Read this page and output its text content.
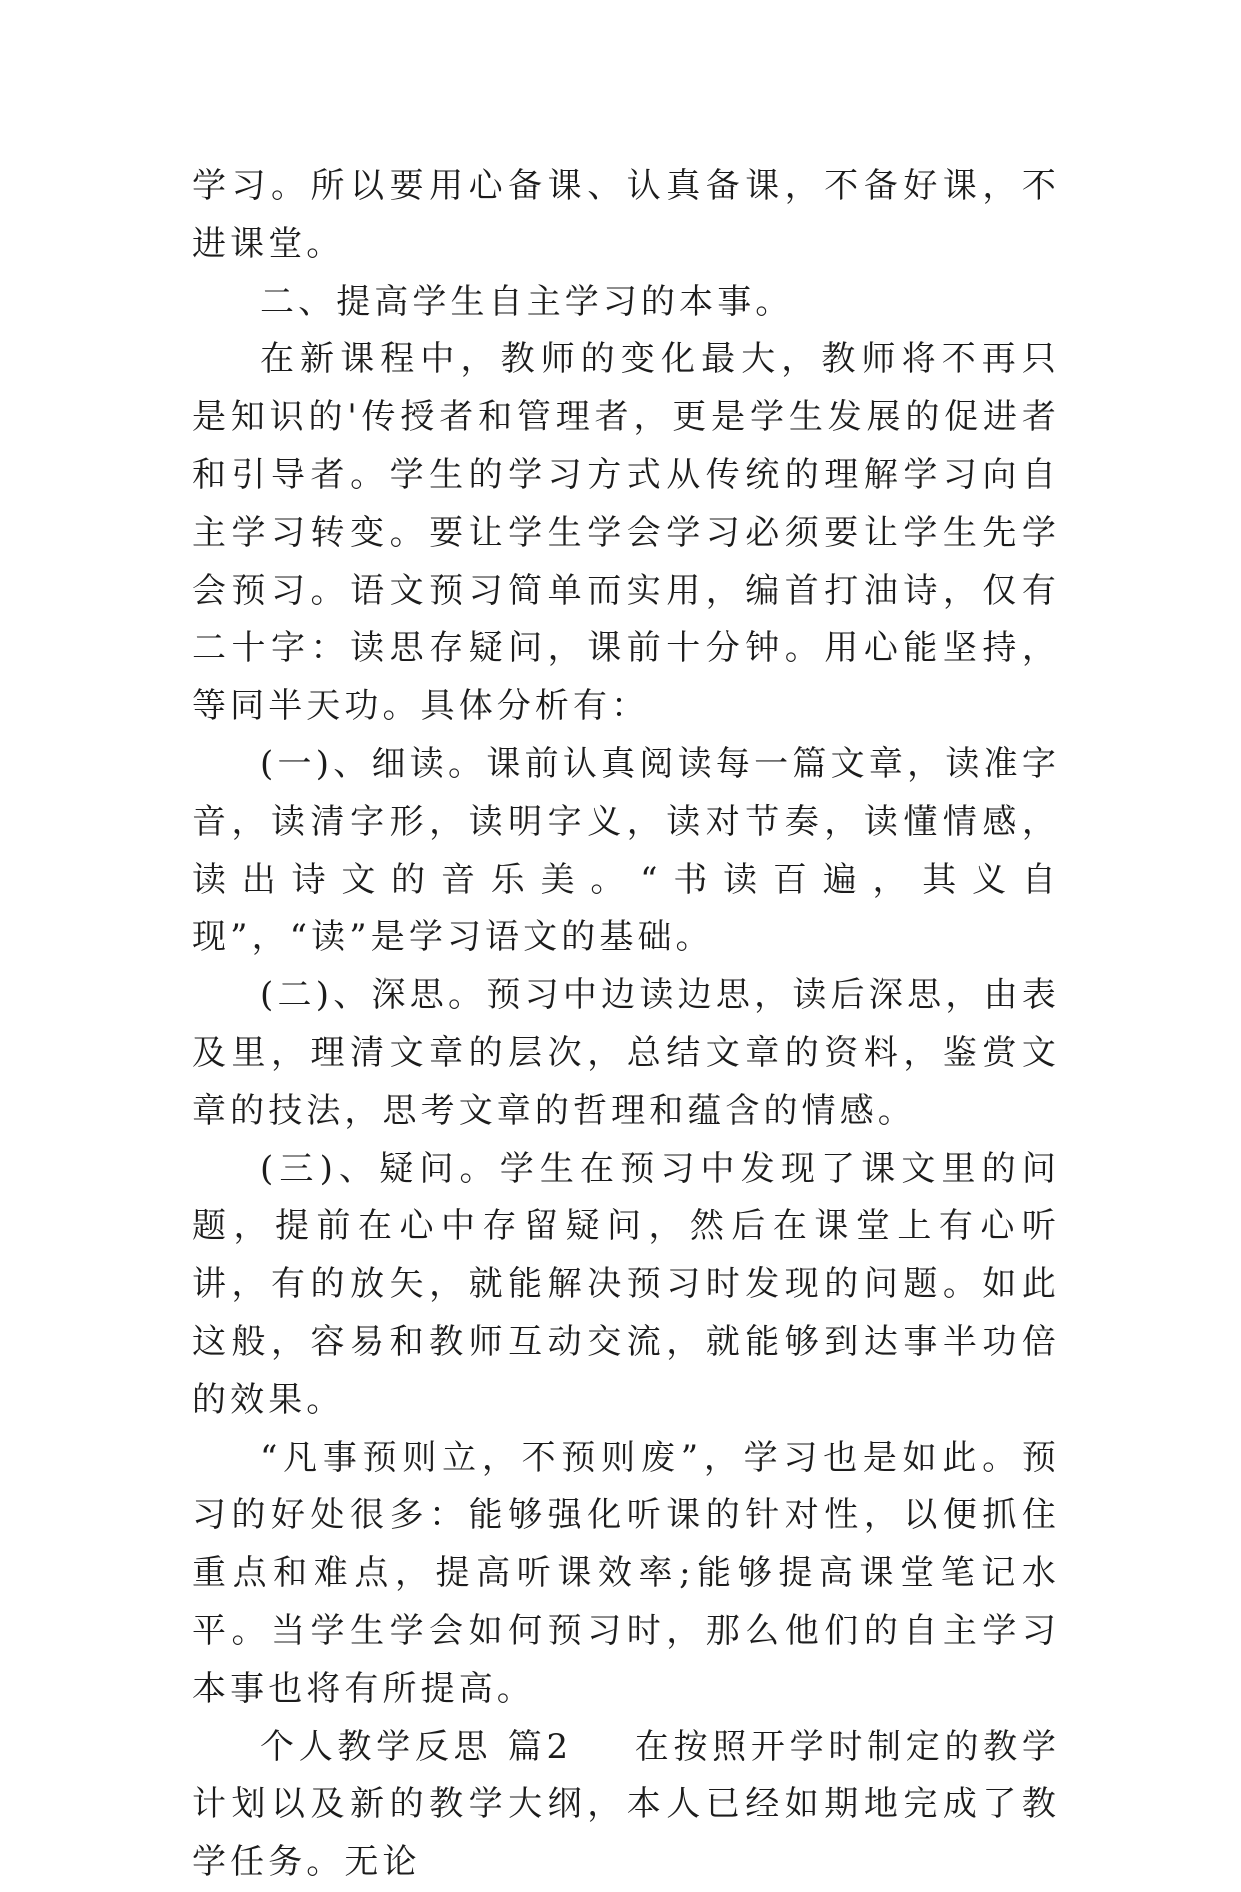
学习。所以要用心备课、认真备课，不备好课，不进课堂。

二、提高学生自主学习的本事。

在新课程中，教师的变化最大，教师将不再只是知识的'传授者和管理者，更是学生发展的促进者和引导者。学生的学习方式从传统的理解学习向自主学习转变。要让学生学会学习必须要让学生先学会预习。语文预习简单而实用，编首打油诗，仅有二十字：读思存疑问，课前十分钟。用心能坚持，等同半天功。具体分析有：

(一)、细读。课前认真阅读每一篇文章，读准字音，读清字形，读明字义，读对节奏，读懂情感，读出诗文的音乐美。“书读百遍，其义自现”，“读”是学习语文的基础。

(二)、深思。预习中边读边思，读后深思，由表及里，理清文章的层次，总结文章的资料，鉴赏文章的技法，思考文章的哲理和蕴含的情感。

(三)、疑问。学生在预习中发现了课文里的问题，提前在心中存留疑问，然后在课堂上有心听讲，有的放矢，就能解决预习时发现的问题。如此这般，容易和教师互动交流，就能够到达事半功倍的效果。

“凡事预则立，不预则废”，学习也是如此。预习的好处很多：能够强化听课的针对性，以便抓住重点和难点，提高听课效率;能够提高课堂笔记水平。当学生学会如何预习时，那么他们的自主学习本事也将有所提高。

个人教学反思 篇2 在按照开学时制定的教学计划以及新的教学大纲，本人已经如期地完成了教学任务。无论
